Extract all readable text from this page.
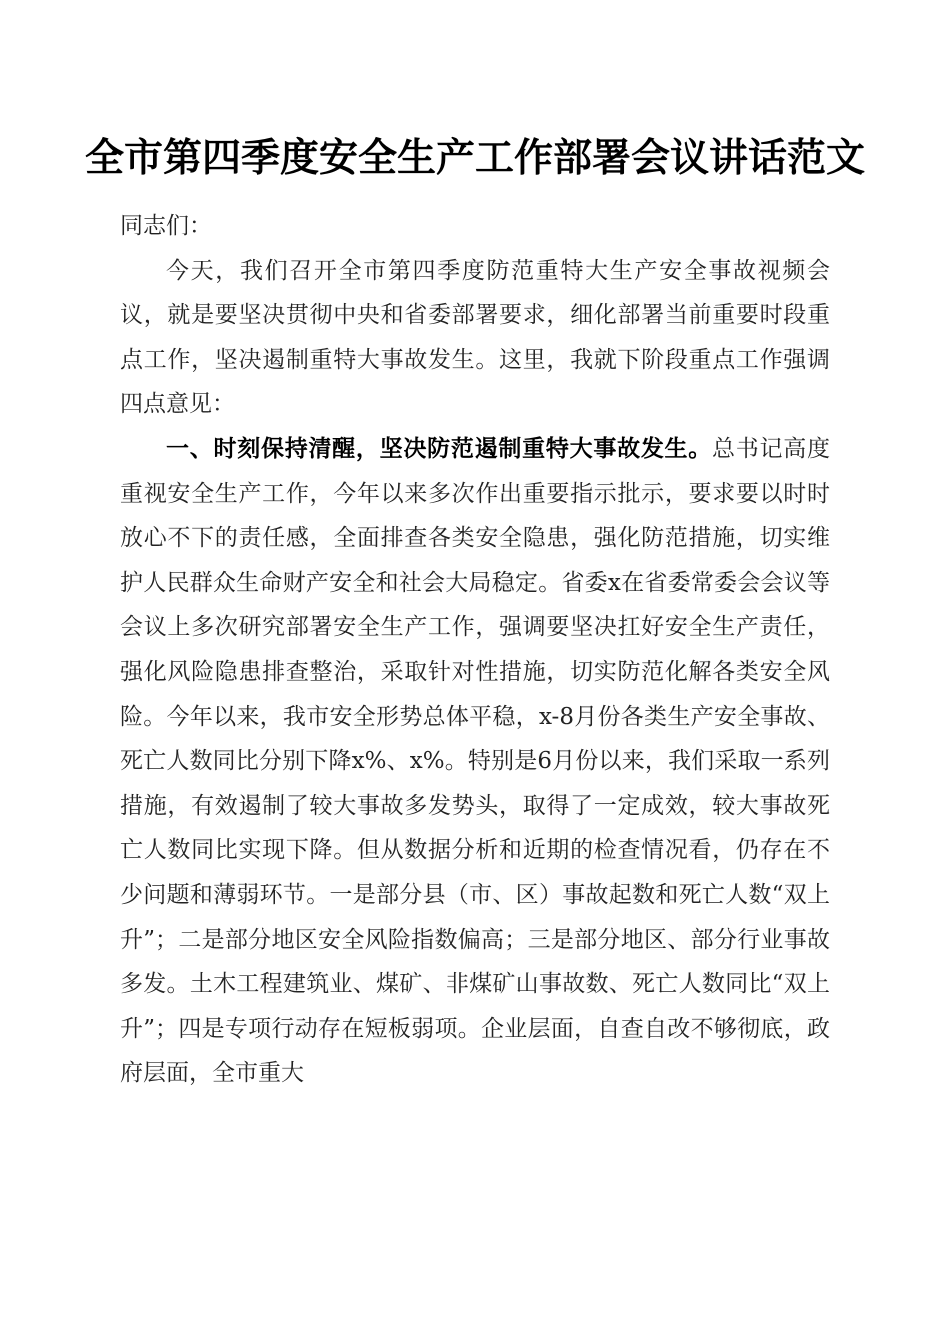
全市第四季度安全生产工作部署会议讲话范文

同志们：

今天，我们召开全市第四季度防范重特大生产安全事故视频会议，就是要坚决贯彻中央和省委部署要求，细化部署当前重要时段重点工作，坚决遏制重特大事故发生。这里，我就下阶段重点工作强调四点意见：

一、时刻保持清醒，坚决防范遏制重特大事故发生。总书记高度重视安全生产工作，今年以来多次作出重要指示批示，要求要以时时放心不下的责任感，全面排查各类安全隐患，强化防范措施，切实维护人民群众生命财产安全和社会大局稳定。省委x在省委常委会会议等会议上多次研究部署安全生产工作，强调要坚决扛好安全生产责任，强化风险隐患排查整治，采取针对性措施，切实防范化解各类安全风险。今年以来，我市安全形势总体平稳，x-8月份各类生产安全事故、死亡人数同比分别下降x%、x%。特别是6月份以来，我们采取一系列措施，有效遏制了较大事故多发势头，取得了一定成效，较大事故死亡人数同比实现下降。但从数据分析和近期的检查情况看，仍存在不少问题和薄弱环节。一是部分县（市、区）事故起数和死亡人数“双上升”；二是部分地区安全风险指数偏高；三是部分地区、部分行业事故多发。土木工程建筑业、煤矿、非煤矿山事故数、死亡人数同比“双上升”；四是专项行动存在短板弱项。企业层面，自查自改不够彻底，政府层面，全市重大
